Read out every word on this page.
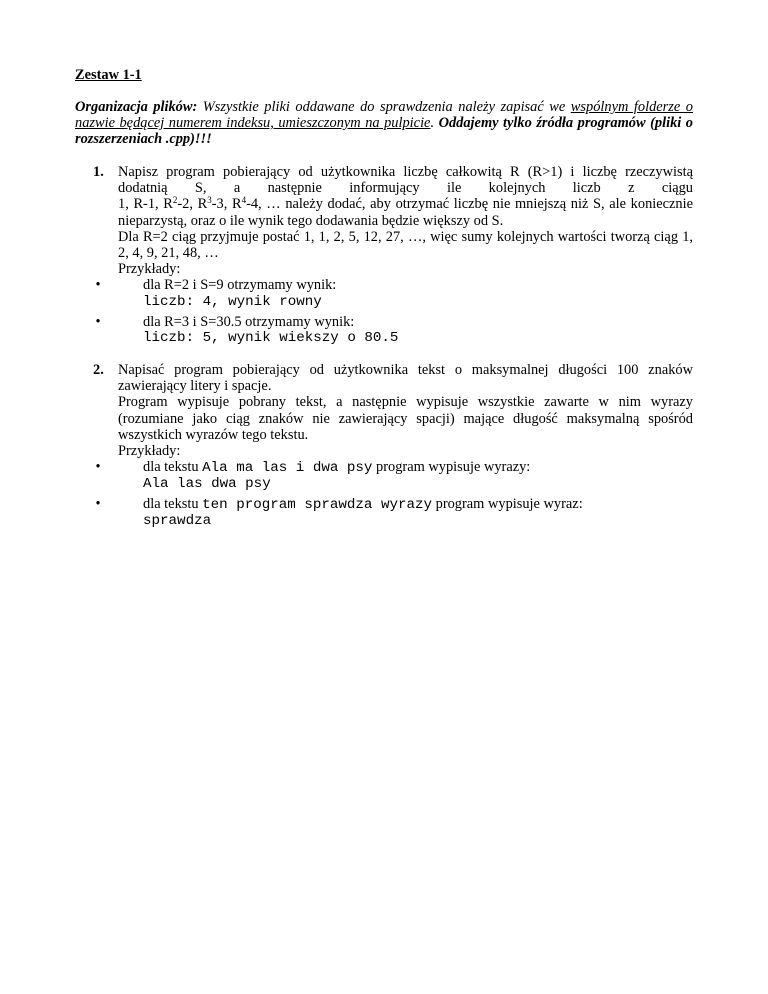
Zestaw 1-1

Organizacja plików: Wszystkie pliki oddawane do sprawdzenia należy zapisać we wspólnym folderze o nazwie będącej numerem indeksu, umieszczonym na pulpicie. Oddajemy tylko źródła programów (pliki o rozszerzeniach .cpp)!!!

1. Napisz program pobierający od użytkownika liczbę całkowitą R (R>1) i liczbę rzeczywistą dodatnią S, a następnie informujący ile kolejnych liczb z ciągu

1, R-1, $R^2-2$, $R^3-3$, $R^4-4$, … należy dodać, aby otrzymać liczbę nie mniejszą niż S, ale koniecznie nieparzystą, oraz o ile wynik tego dodawania będzie większy od S.

Dla R=2 ciąg przyjmuje postać 1, 1, 2, 5, 12, 27, …, więc sumy kolejnych wartości tworzą ciąg 1, 2, 4, 9, 21, 48, …

Przykłady:

•	dla R=2 i S=9 otrzymamy wynik:
liczb: 4, wynik rowny
•	dla R=3 i S=30.5 otrzymamy wynik:
liczb: 5, wynik wiekszy o 80.5
2. Napisać program pobierający od użytkownika tekst o maksymalnej długości 100 znaków zawierający litery i spacje.

Program wypisuje pobrany tekst, a następnie wypisuje wszystkie zawarte w nim wyrazy (rozumiane jako ciąg znaków nie zawierający spacji) mające długość maksymalną spośród wszystkich wyrazów tego tekstu.

Przykłady:

•	dla tekstu Ala ma las i dwa psy program wypisuje wyrazy:
Ala las dwa psy
•	dla tekstu ten program sprawdza wyrazy program wypisuje wyraz:
sprawdza
